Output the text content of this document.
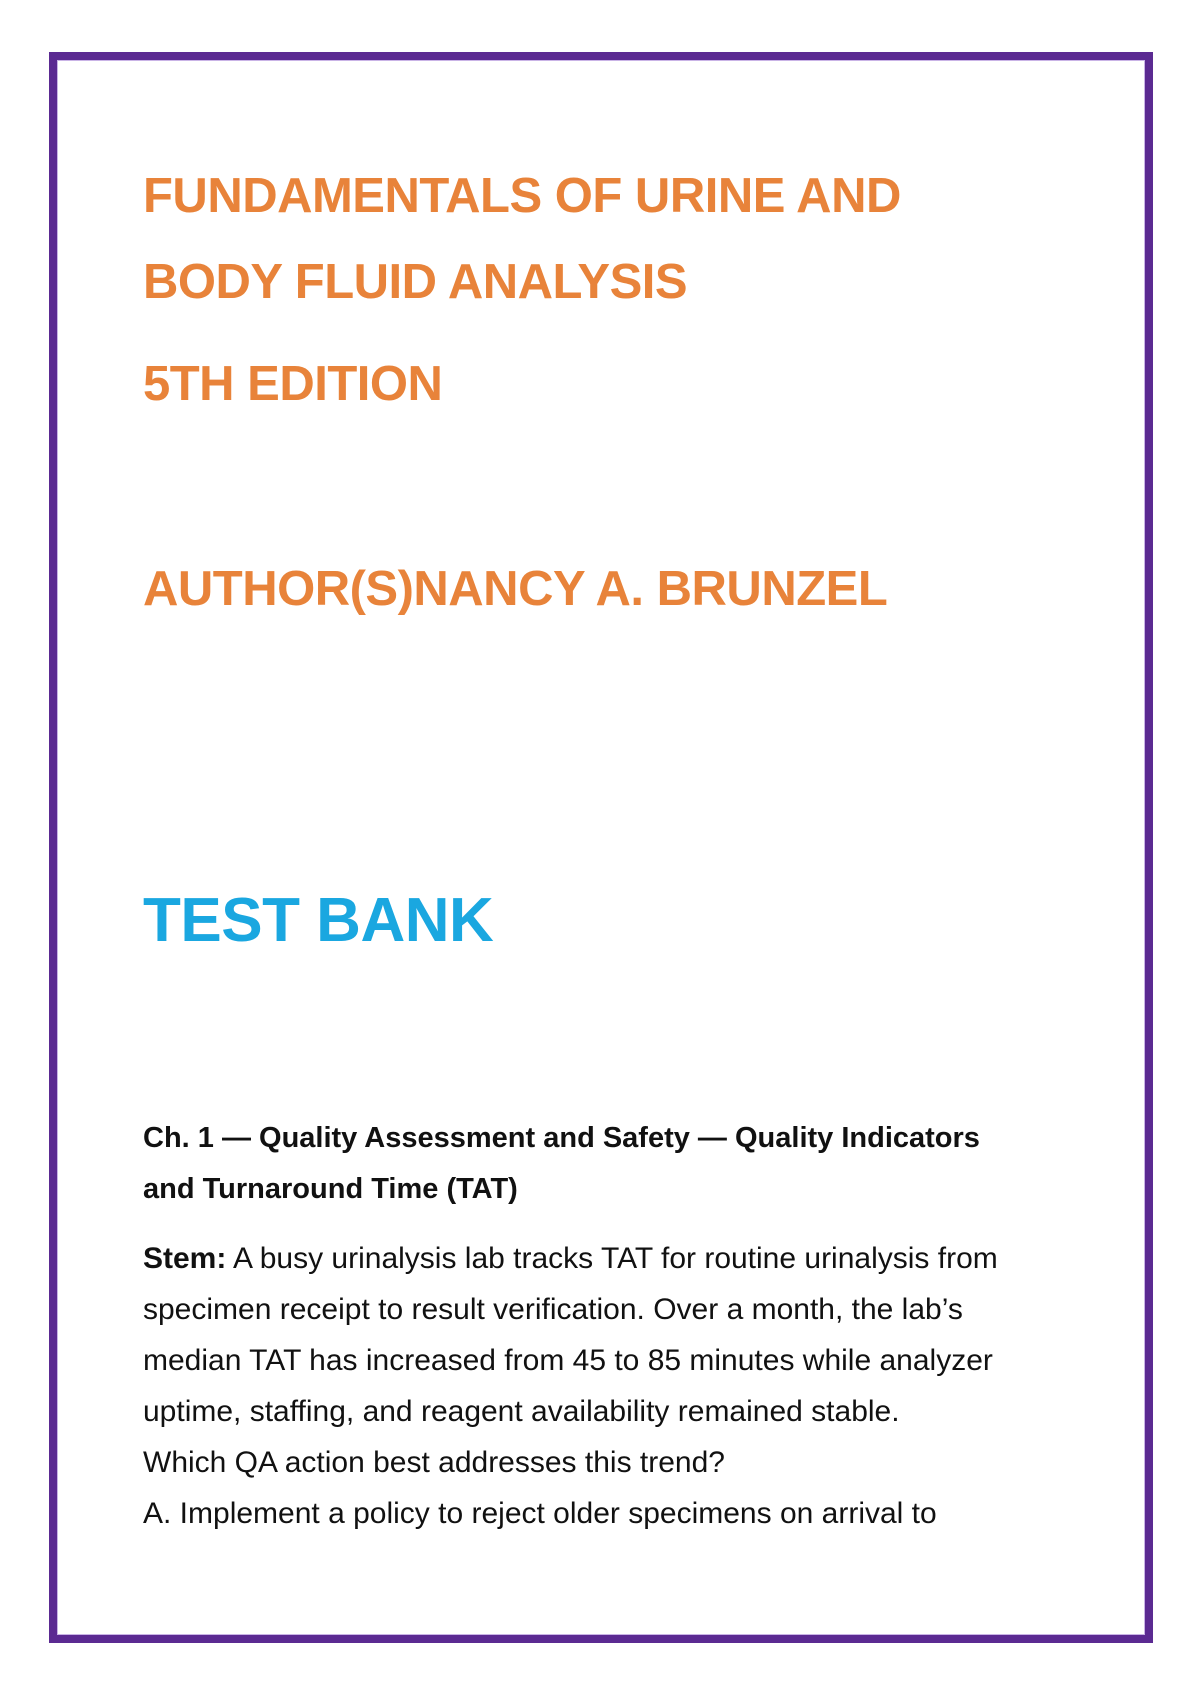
FUNDAMENTALS OF URINE AND
BODY FLUID ANALYSIS
5TH EDITION
AUTHOR(S)NANCY A. BRUNZEL
TEST BANK
Ch. 1 — Quality Assessment and Safety — Quality Indicators
and Turnaround Time (TAT)

Stem: A busy urinalysis lab tracks TAT for routine urinalysis from

specimen receipt to result verification. Over a month, the lab’s

median TAT has increased from 45 to 85 minutes while analyzer

uptime, staffing, and reagent availability remained stable.

Which QA action best addresses this trend?

A. Implement a policy to reject older specimens on arrival to
